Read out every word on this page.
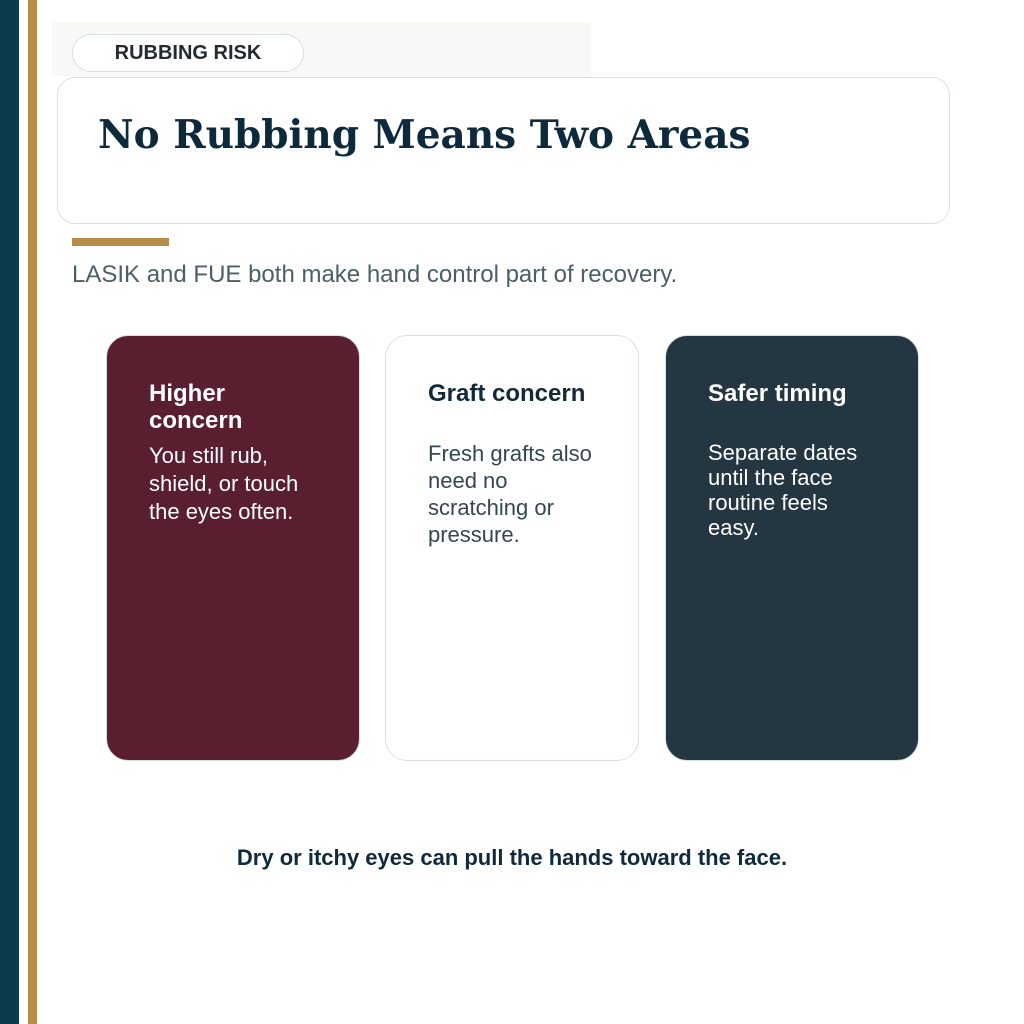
RUBBING RISK
No Rubbing Means Two Areas

LASIK and FUE both make hand control part of recovery.

Higher concern

You still rub, shield, or touch the eyes often.

Graft concern

Fresh grafts also need no scratching or pressure.

Safer timing

Separate dates until the face routine feels easy.

Dry or itchy eyes can pull the hands toward the face.
